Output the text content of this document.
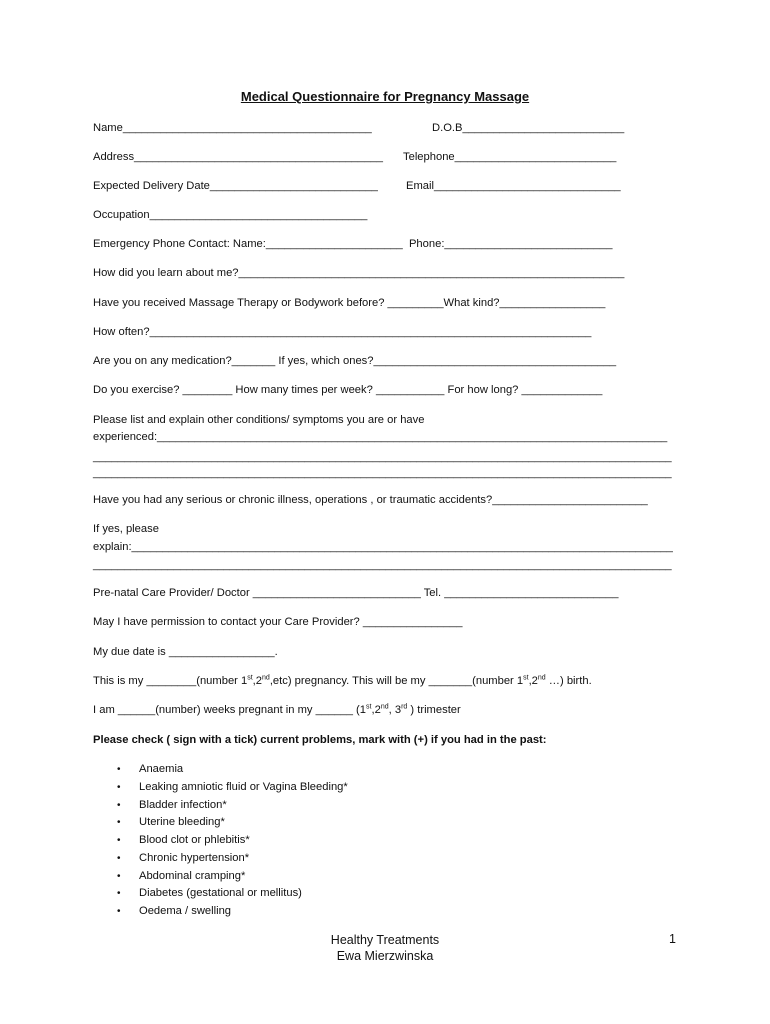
Medical Questionnaire for Pregnancy Massage
Name________________________________________	D.O.B__________________________
Address________________________________________ Telephone__________________________
Expected Delivery Date___________________________	Email______________________________
Occupation___________________________________
Emergency Phone Contact: Name:______________________  Phone:___________________________
How did you learn about me?______________________________________________________________
Have you received Massage Therapy or Bodywork before? _________What kind?_________________
How often?_______________________________________________________________________
Are you on any medication?_______ If yes, which ones?_______________________________________
Do you exercise? ________ How many times per week? ___________ For how long? _____________
Please list and explain other conditions/ symptoms you are or have
experienced:__________________________________________________________________________________
_____________________________________________________________________________________________
_____________________________________________________________________________________________
Have you had any serious or chronic illness, operations , or traumatic accidents?_________________________
If yes, please
explain:_______________________________________________________________________________________
_____________________________________________________________________________________________
Pre-natal Care Provider/ Doctor ___________________________ Tel. ____________________________
May I have permission to contact your Care Provider? ________________
My due date is _________________.
This is my ________(number 1st,2nd,etc) pregnancy. This will be my _______(number 1st,2nd …) birth.
I am ______(number) weeks pregnant in my ______ (1st,2nd, 3rd ) trimester
Please check ( sign with a tick) current problems, mark with (+) if you had in the past:
• Anaemia
• Leaking amniotic fluid or Vagina Bleeding*
• Bladder infection*
• Uterine bleeding*
• Blood clot or phlebitis*
• Chronic hypertension*
• Abdominal cramping*
• Diabetes (gestational or mellitus)
• Oedema / swelling
Healthy Treatments
Ewa Mierzwinska
1
